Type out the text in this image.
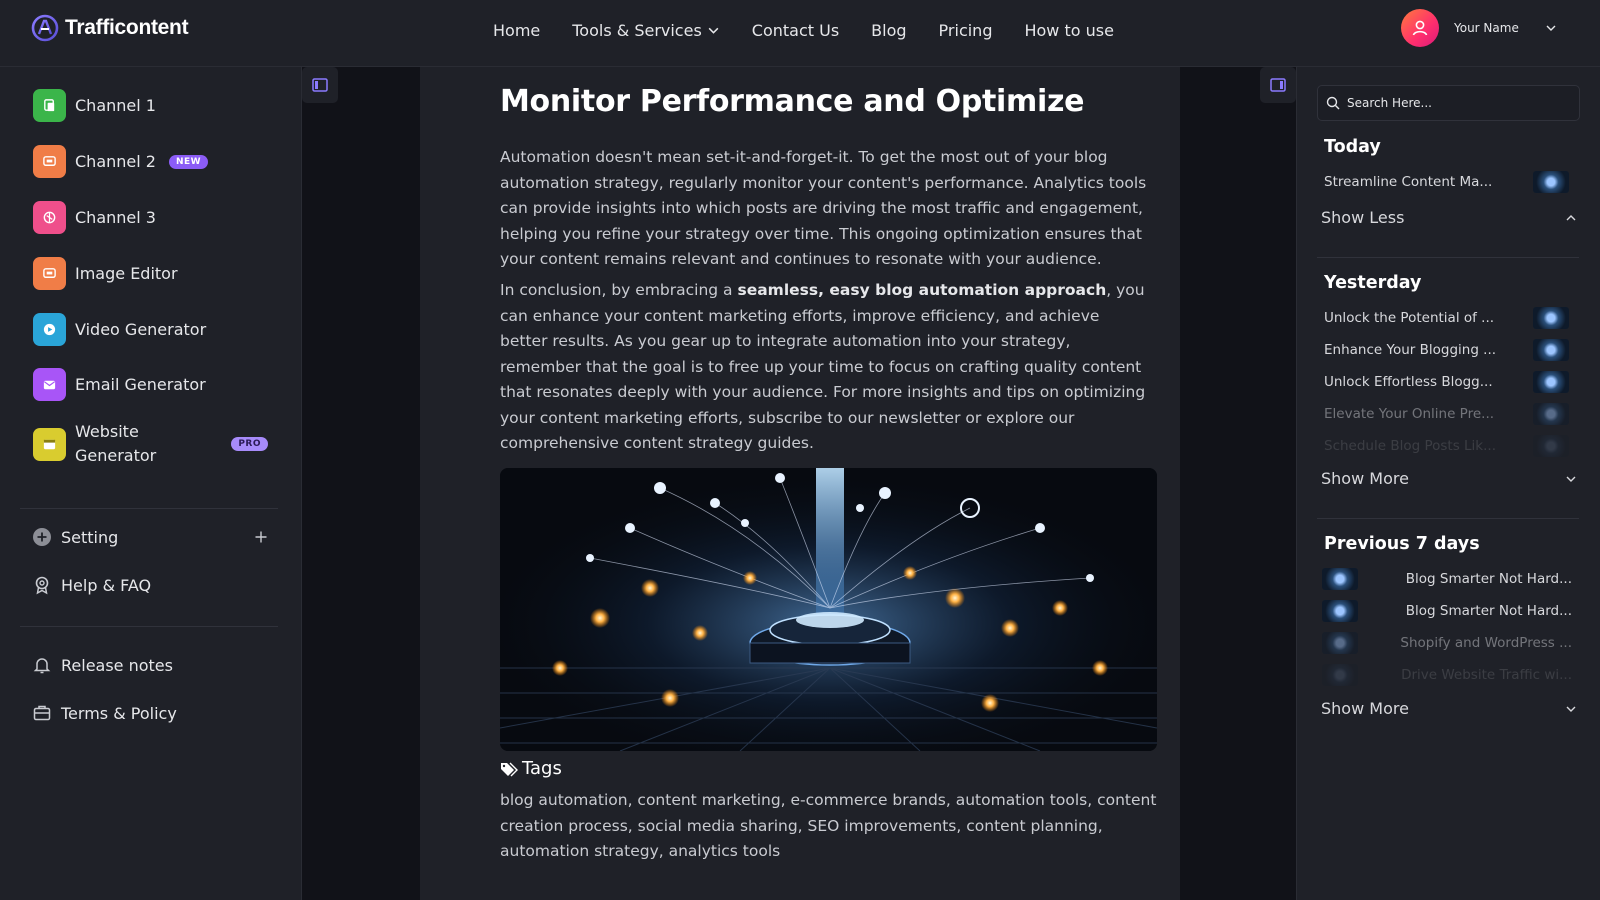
Trafficontent	Home Tools & Services	Contact Us Blog Pricing How to use	Your Name
Channel 1
Channel 2	NEW
Channel 3
Image Editor
Video Generator
Email Generator
Website Generator
PRO
Setting
Help & FAQ
Release notes
Terms & Policy
Monitor Performance and Optimize

Automation doesn't mean set-it-and-forget-it. To get the most out of your blog automation strategy, regularly monitor your content's performance. Analytics tools can provide insights into which posts are driving the most traffic and engagement, helping you refine your strategy over time. This ongoing optimization ensures that your content remains relevant and continues to resonate with your audience.

In conclusion, by embracing a seamless, easy blog automation approach, you can enhance your content marketing efforts, improve efficiency, and achieve better results. As you gear up to integrate automation into your strategy, remember that the goal is to free up your time to focus on crafting quality content that resonates deeply with your audience. For more insights and tips on optimizing your content marketing efforts, subscribe to our newsletter or explore our comprehensive content strategy guides.

Tags

blog automation, content marketing, e-commerce brands, automation tools, content creation process, social media sharing, SEO improvements, content planning, automation strategy, analytics tools

Search Here...
Today
Streamline Content Ma...
Show Less
Yesterday
Unlock the Potential of ...
Enhance Your Blogging ...
Unlock Effortless Blogg...
Elevate Your Online Pre...
Schedule Blog Posts Lik...
Show More
Previous 7 days
Blog Smarter Not Hard...
Blog Smarter Not Hard...
Shopify and WordPress ...
Drive Website Traffic wi...
Show More
